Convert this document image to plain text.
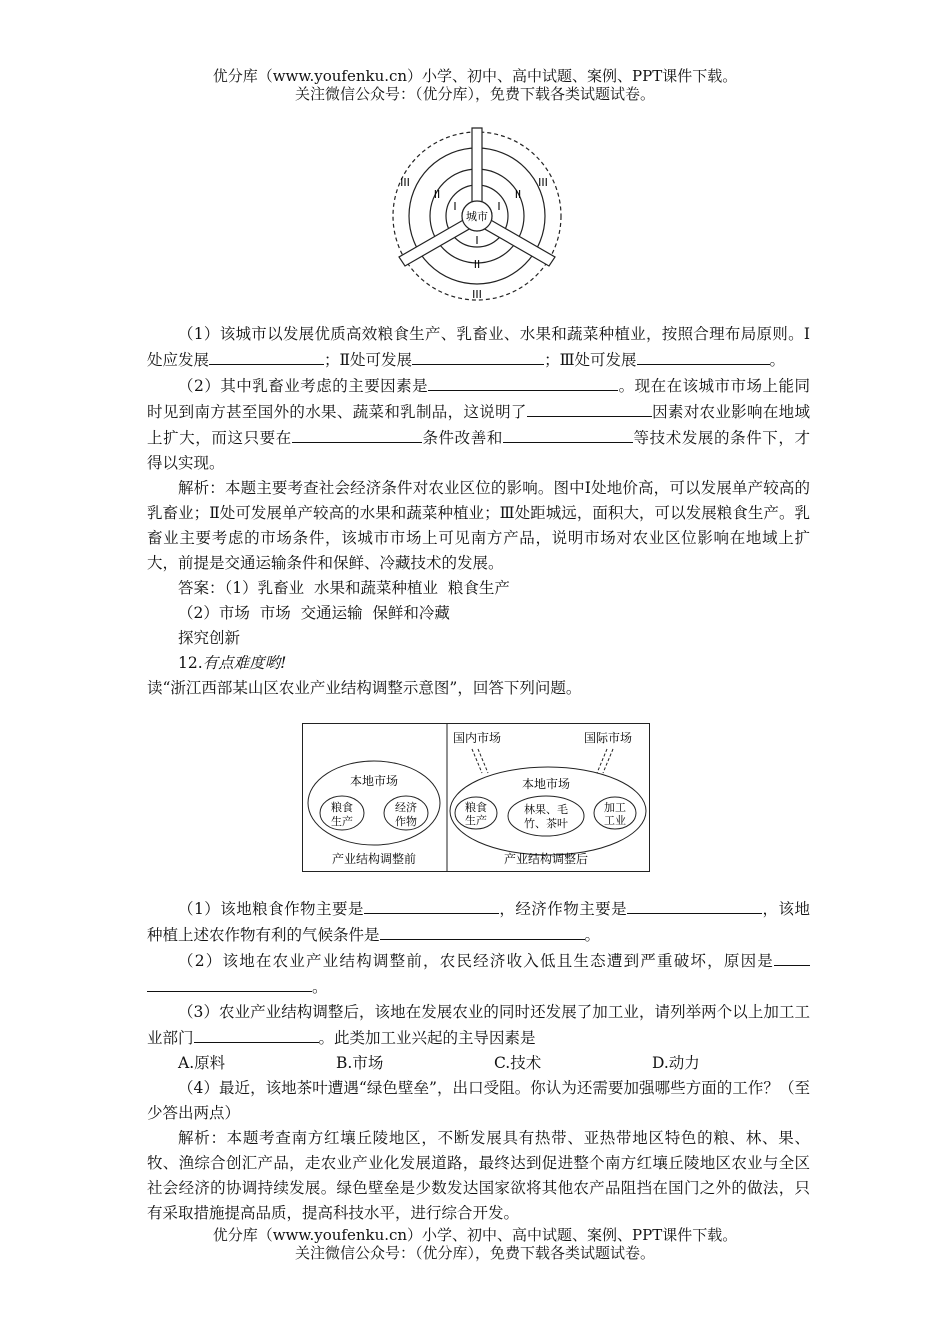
优分库（www.youfenku.cn）小学、初中、高中试题、案例、PPT课件下载。
关注微信公众号：（优分库），免费下载各类试题试卷。
城市
I	I
I
II	II
II
III	III
III

（1）该城市以发展优质高效粮食生产、乳畜业、水果和蔬菜种植业，按照合理布局原则。Ⅰ处应发展	；Ⅱ处可发展	；Ⅲ处可发展	。

（2）其中乳畜业考虑的主要因素是	。现在在该城市市场上能同时见到南方甚至国外的水果、蔬菜和乳制品，这说明了	因素对农业影响在地域上扩大，而这只要在	条件改善和	等技术发展的条件下，才得以实现。

解析：本题主要考查社会经济条件对农业区位的影响。图中Ⅰ处地价高，可以发展单产较高的乳畜业；Ⅱ处可发展单产较高的水果和蔬菜种植业；Ⅲ处距城远，面积大，可以发展粮食生产。乳畜业主要考虑的市场条件，该城市市场上可见南方产品，说明市场对农业区位影响在地域上扩大，前提是交通运输条件和保鲜、冷藏技术的发展。

答案：（1）乳畜业  水果和蔬菜种植业  粮食生产

（2）市场  市场  交通运输  保鲜和冷藏

探究创新

12.有点难度哟!

读“浙江西部某山区农业产业结构调整示意图”，回答下列问题。

本地市场
粮食
生产
经济
作物
产业结构调整前
国内市场	国际市场
本地市场
粮食
生产
林果、毛
竹、茶叶
加工
工业
产业结构调整后

（1）该地粮食作物主要是	，经济作物主要是	，该地种植上述农作物有利的气候条件是	。

（2）该地在农业产业结构调整前，农民经济收入低且生态遭到严重破坏，原因是。

（3）农业产业结构调整后，该地在发展农业的同时还发展了加工业，请列举两个以上加工工业部门	。此类加工业兴起的主导因素是

A.原料	B.市场	C.技术	D.动力

（4）最近，该地茶叶遭遇“绿色壁垒”，出口受阻。你认为还需要加强哪些方面的工作？（至少答出两点）

解析：本题考查南方红壤丘陵地区，不断发展具有热带、亚热带地区特色的粮、林、果、牧、渔综合创汇产品，走农业产业化发展道路，最终达到促进整个南方红壤丘陵地区农业与全区社会经济的协调持续发展。绿色壁垒是少数发达国家欲将其他农产品阻挡在国门之外的做法，只有采取措施提高品质，提高科技水平，进行综合开发。

优分库（www.youfenku.cn）小学、初中、高中试题、案例、PPT课件下载。
关注微信公众号：（优分库），免费下载各类试题试卷。
